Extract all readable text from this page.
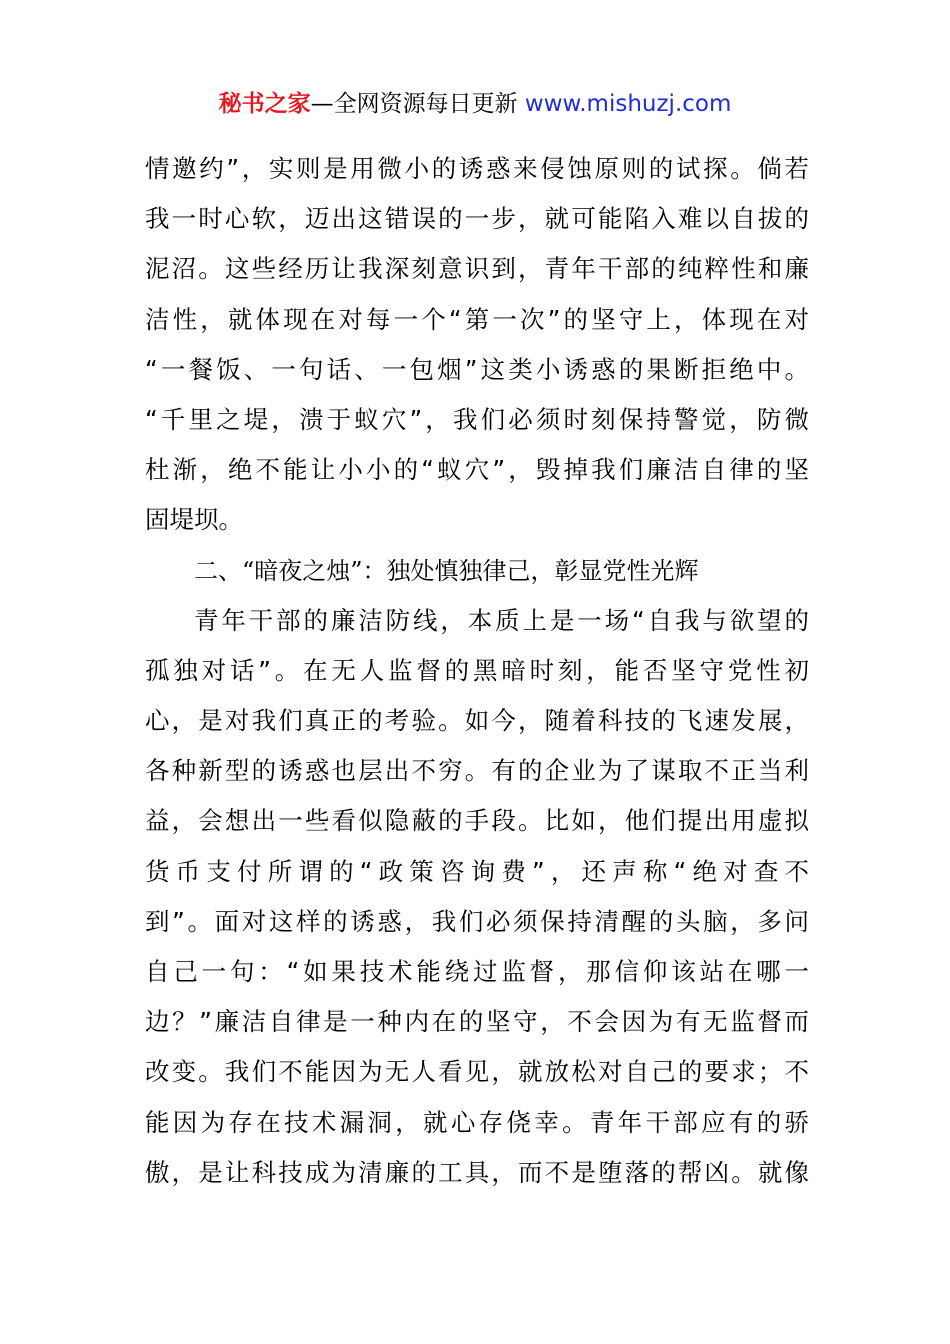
秘书之家—全网资源每日更新 www.mishuzj.com
情邀约”，实则是用微小的诱惑来侵蚀原则的试探。倘若
我一时心软，迈出这错误的一步，就可能陷入难以自拔的
泥沼。这些经历让我深刻意识到，青年干部的纯粹性和廉
洁性，就体现在对每一个“第一次”的坚守上，体现在对
“一餐饭、一句话、一包烟”这类小诱惑的果断拒绝中。
“千里之堤，溃于蚁穴”，我们必须时刻保持警觉，防微
杜渐，绝不能让小小的“蚁穴”，毁掉我们廉洁自律的坚
固堤坝。
二、“暗夜之烛”：独处慎独律己，彰显党性光辉
青年干部的廉洁防线，本质上是一场“自我与欲望的
孤独对话”。在无人监督的黑暗时刻，能否坚守党性初
心，是对我们真正的考验。如今，随着科技的飞速发展，
各种新型的诱惑也层出不穷。有的企业为了谋取不正当利
益，会想出一些看似隐蔽的手段。比如，他们提出用虚拟
货币支付所谓的“政策咨询费”，还声称“绝对查不
到”。面对这样的诱惑，我们必须保持清醒的头脑，多问
自己一句：“如果技术能绕过监督，那信仰该站在哪一
边？”廉洁自律是一种内在的坚守，不会因为有无监督而
改变。我们不能因为无人看见，就放松对自己的要求；不
能因为存在技术漏洞，就心存侥幸。青年干部应有的骄
傲，是让科技成为清廉的工具，而不是堕落的帮凶。就像
